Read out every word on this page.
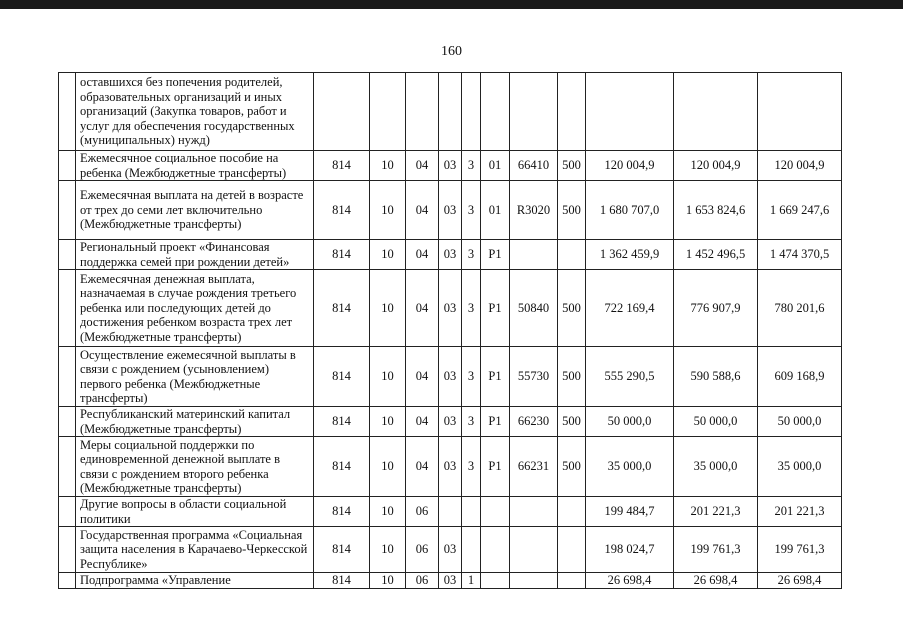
160
	оставшихся без попечения родителей, образовательных организаций и иных организаций (Закупка товаров, работ и услуг для обеспечения государственных (муниципальных) нужд)											
	Ежемесячное социальное пособие на ребенка (Межбюджетные трансферты)	814	10	04	03	3	01	66410	500	120 004,9	120 004,9	120 004,9
	Ежемесячная выплата на детей в возрасте от трех до семи лет включительно (Межбюджетные трансферты)	814	10	04	03	3	01	R3020	500	1 680 707,0	1 653 824,6	1 669 247,6
	Региональный проект «Финансовая поддержка семей при рождении детей»	814	10	04	03	3	P1			1 362 459,9	1 452 496,5	1 474 370,5
	Ежемесячная денежная выплата, назначаемая в случае рождения третьего ребенка или последующих детей до достижения ребенком возраста трех лет (Межбюджетные трансферты)	814	10	04	03	3	P1	50840	500	722 169,4	776 907,9	780 201,6
	Осуществление ежемесячной выплаты в связи с рождением (усыновлением) первого ребенка (Межбюджетные трансферты)	814	10	04	03	3	P1	55730	500	555 290,5	590 588,6	609 168,9
	Республиканский материнский капитал (Межбюджетные трансферты)	814	10	04	03	3	P1	66230	500	50 000,0	50 000,0	50 000,0
	Меры социальной поддержки по единовременной денежной выплате в связи с рождением второго ребенка (Межбюджетные трансферты)	814	10	04	03	3	P1	66231	500	35 000,0	35 000,0	35 000,0
	Другие вопросы в области социальной политики	814	10	06						199 484,7	201 221,3	201 221,3
	Государственная программа «Социальная защита населения в Карачаево-Черкесской Республике»	814	10	06	03					198 024,7	199 761,3	199 761,3
	Подпрограмма «Управление	814	10	06	03	1				26 698,4	26 698,4	26 698,4
